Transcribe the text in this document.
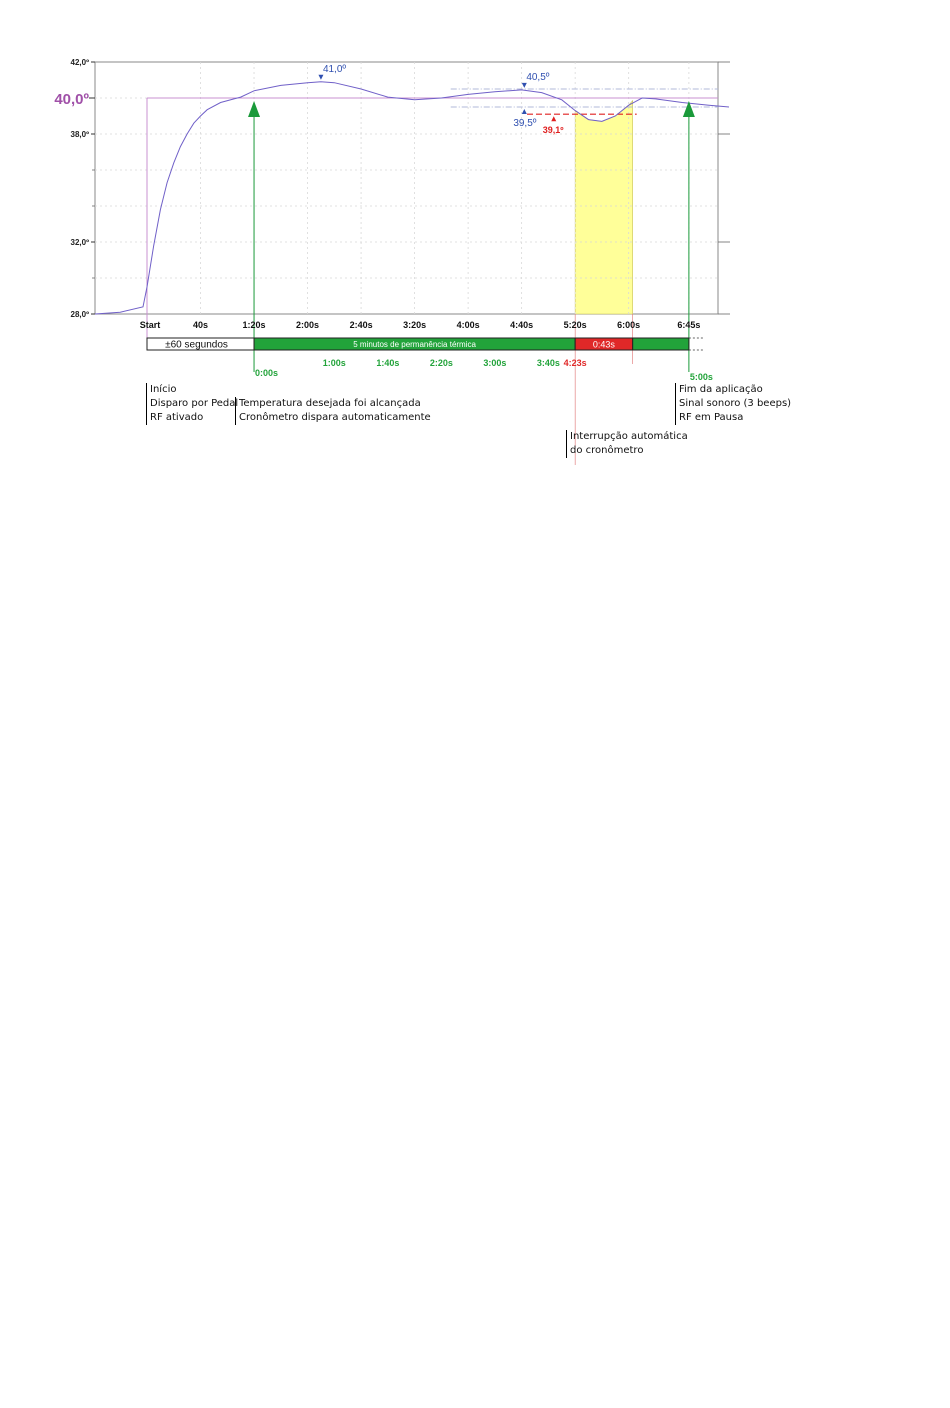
40,0º
42,0º
38,0º
32,0º
28,0º
41,0º
40,5º
39,5º
39,1º
Start	40s	1:20s	2:00s	2:40s	3:20s	4:00s	4:40s	5:20s	6:00s	6:45s
±60 segundos	5 minutos de permanência térmica	0:43s
0:00s
1:00s	1:40s	2:20s	3:00s	3:40s 4:23s
5:00s
Início
Disparo por Pedal
RF ativado
Temperatura desejada foi alcançada
Cronômetro dispara automaticamente
Interrupção automática
do cronômetro
Fim da aplicação
Sinal sonoro (3 beeps)
RF em Pausa
